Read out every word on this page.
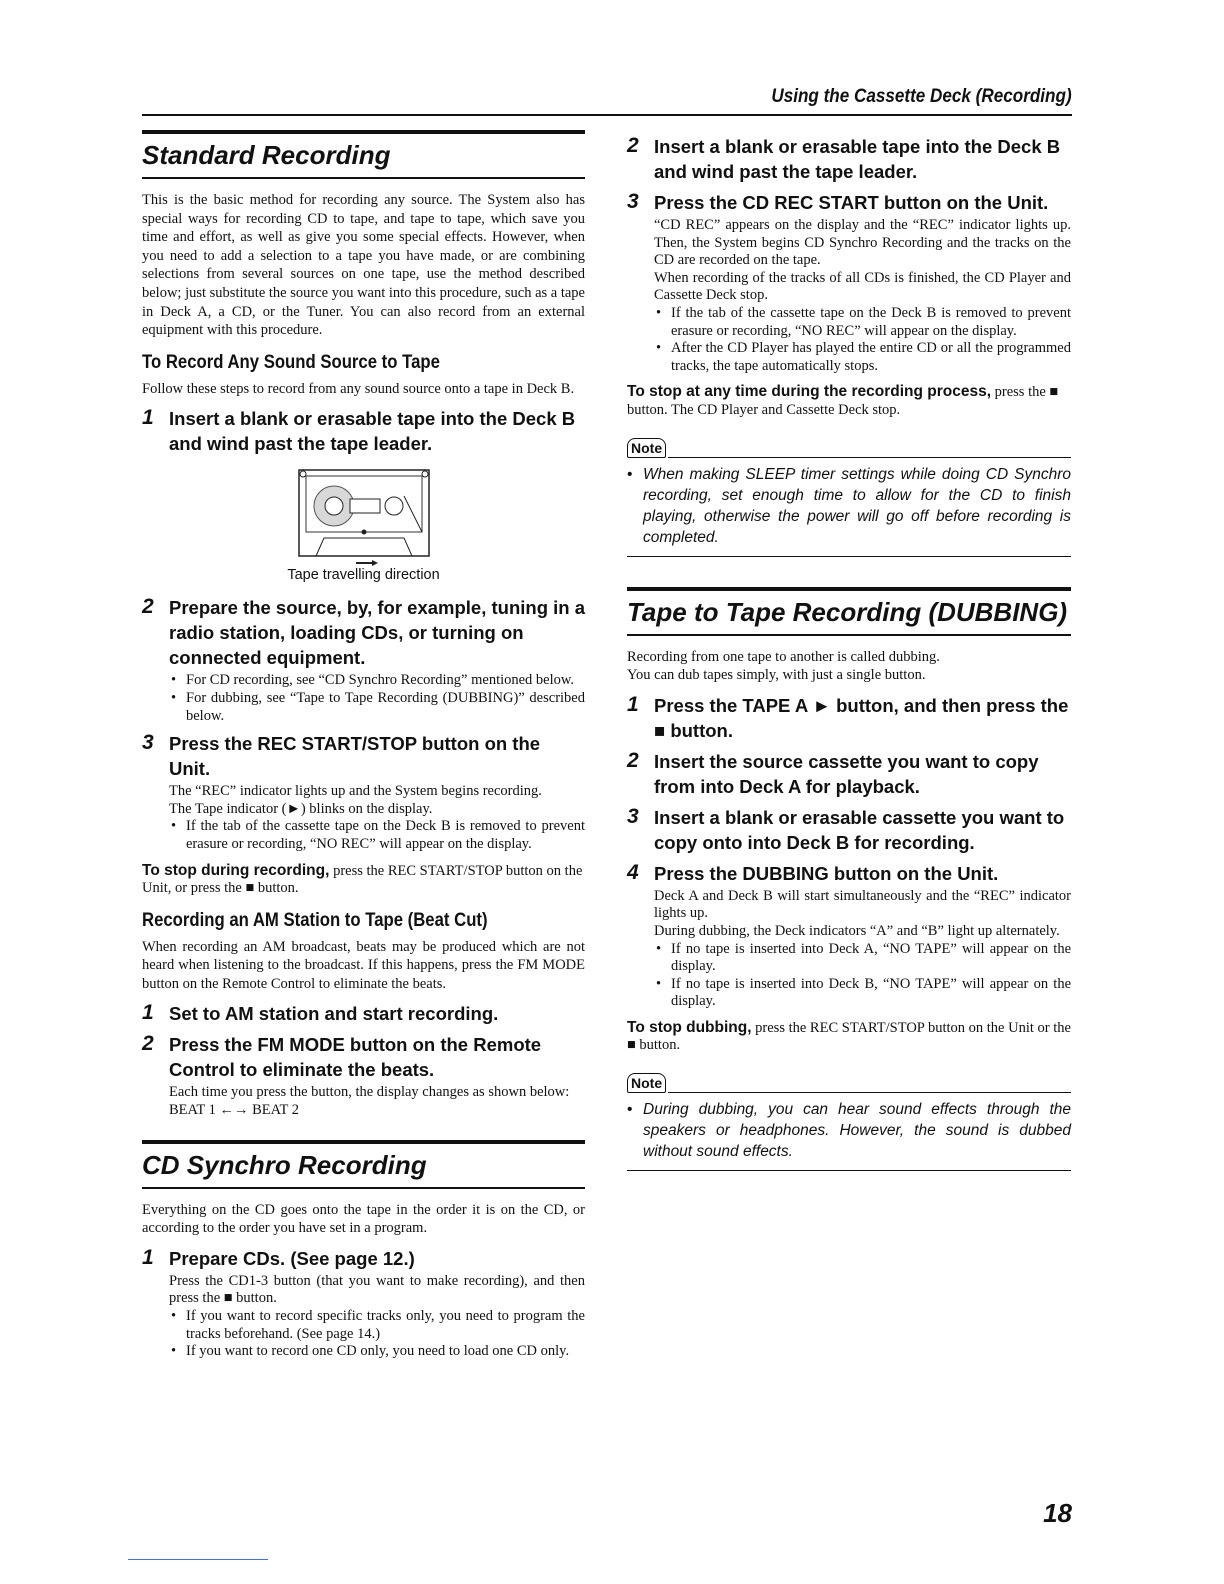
Using the Cassette Deck (Recording)
Standard Recording

This is the basic method for recording any source. The System also has special ways for recording CD to tape, and tape to tape, which save you time and effort, as well as give you some special effects. However, when you need to add a selection to a tape you have made, or are combining selections from several sources on one tape, use the method described below; just substitute the source you want into this procedure, such as a tape in Deck A, a CD, or the Tuner. You can also record from an external equipment with this procedure.

To Record Any Sound Source to Tape

Follow these steps to record from any sound source onto a tape in Deck B.

1 Insert a blank or erasable tape into the Deck B and wind past the tape leader.
Tape travelling direction
2 Prepare the source, by, for example, tuning in a radio station, loading CDs, or turning on connected equipment.
• For CD recording, see “CD Synchro Recording” mentioned below.
• For dubbing, see “Tape to Tape Recording (DUBBING)” described below.
3 Press the REC START/STOP button on the Unit.
The “REC” indicator lights up and the System begins recording.
The Tape indicator (►) blinks on the display.
• If the tab of the cassette tape on the Deck B is removed to prevent erasure or recording, “NO REC” will appear on the display.
To stop during recording, press the REC START/STOP button on the Unit, or press the ■ button.
Recording an AM Station to Tape (Beat Cut)

When recording an AM broadcast, beats may be produced which are not heard when listening to the broadcast. If this happens, press the FM MODE button on the Remote Control to eliminate the beats.

1 Set to AM station and start recording.
2 Press the FM MODE button on the Remote Control to eliminate the beats.
Each time you press the button, the display changes as shown below:
BEAT 1 ←→ BEAT 2
CD Synchro Recording

Everything on the CD goes onto the tape in the order it is on the CD, or according to the order you have set in a program.

1 Prepare CDs. (See page 12.)
Press the CD1-3 button (that you want to make recording), and then press the ■ button.
• If you want to record specific tracks only, you need to program the tracks beforehand. (See page 14.)
• If you want to record one CD only, you need to load one CD only.
2 Insert a blank or erasable tape into the Deck B and wind past the tape leader.
3 Press the CD REC START button on the Unit.
“CD REC” appears on the display and the “REC” indicator lights up. Then, the System begins CD Synchro Recording and the tracks on the CD are recorded on the tape.
When recording of the tracks of all CDs is finished, the CD Player and Cassette Deck stop.
• If the tab of the cassette tape on the Deck B is removed to prevent erasure or recording, “NO REC” will appear on the display.
• After the CD Player has played the entire CD or all the programmed tracks, the tape automatically stops.
To stop at any time during the recording process, press the ■ button. The CD Player and Cassette Deck stop.
Note
• When making SLEEP timer settings while doing CD Synchro recording, set enough time to allow for the CD to finish playing, otherwise the power will go off before recording is completed.
Tape to Tape Recording (DUBBING)

Recording from one tape to another is called dubbing.

You can dub tapes simply, with just a single button.

1 Press the TAPE A ► button, and then press the ■ button.
2 Insert the source cassette you want to copy from into Deck A for playback.
3 Insert a blank or erasable cassette you want to copy onto into Deck B for recording.
4 Press the DUBBING button on the Unit.
Deck A and Deck B will start simultaneously and the “REC” indicator lights up.
During dubbing, the Deck indicators “A” and “B” light up alternately.
• If no tape is inserted into Deck A, “NO TAPE” will appear on the display.
• If no tape is inserted into Deck B, “NO TAPE” will appear on the display.
To stop dubbing, press the REC START/STOP button on the Unit or the ■ button.
Note
• During dubbing, you can hear sound effects through the speakers or headphones. However, the sound is dubbed without sound effects.
18
